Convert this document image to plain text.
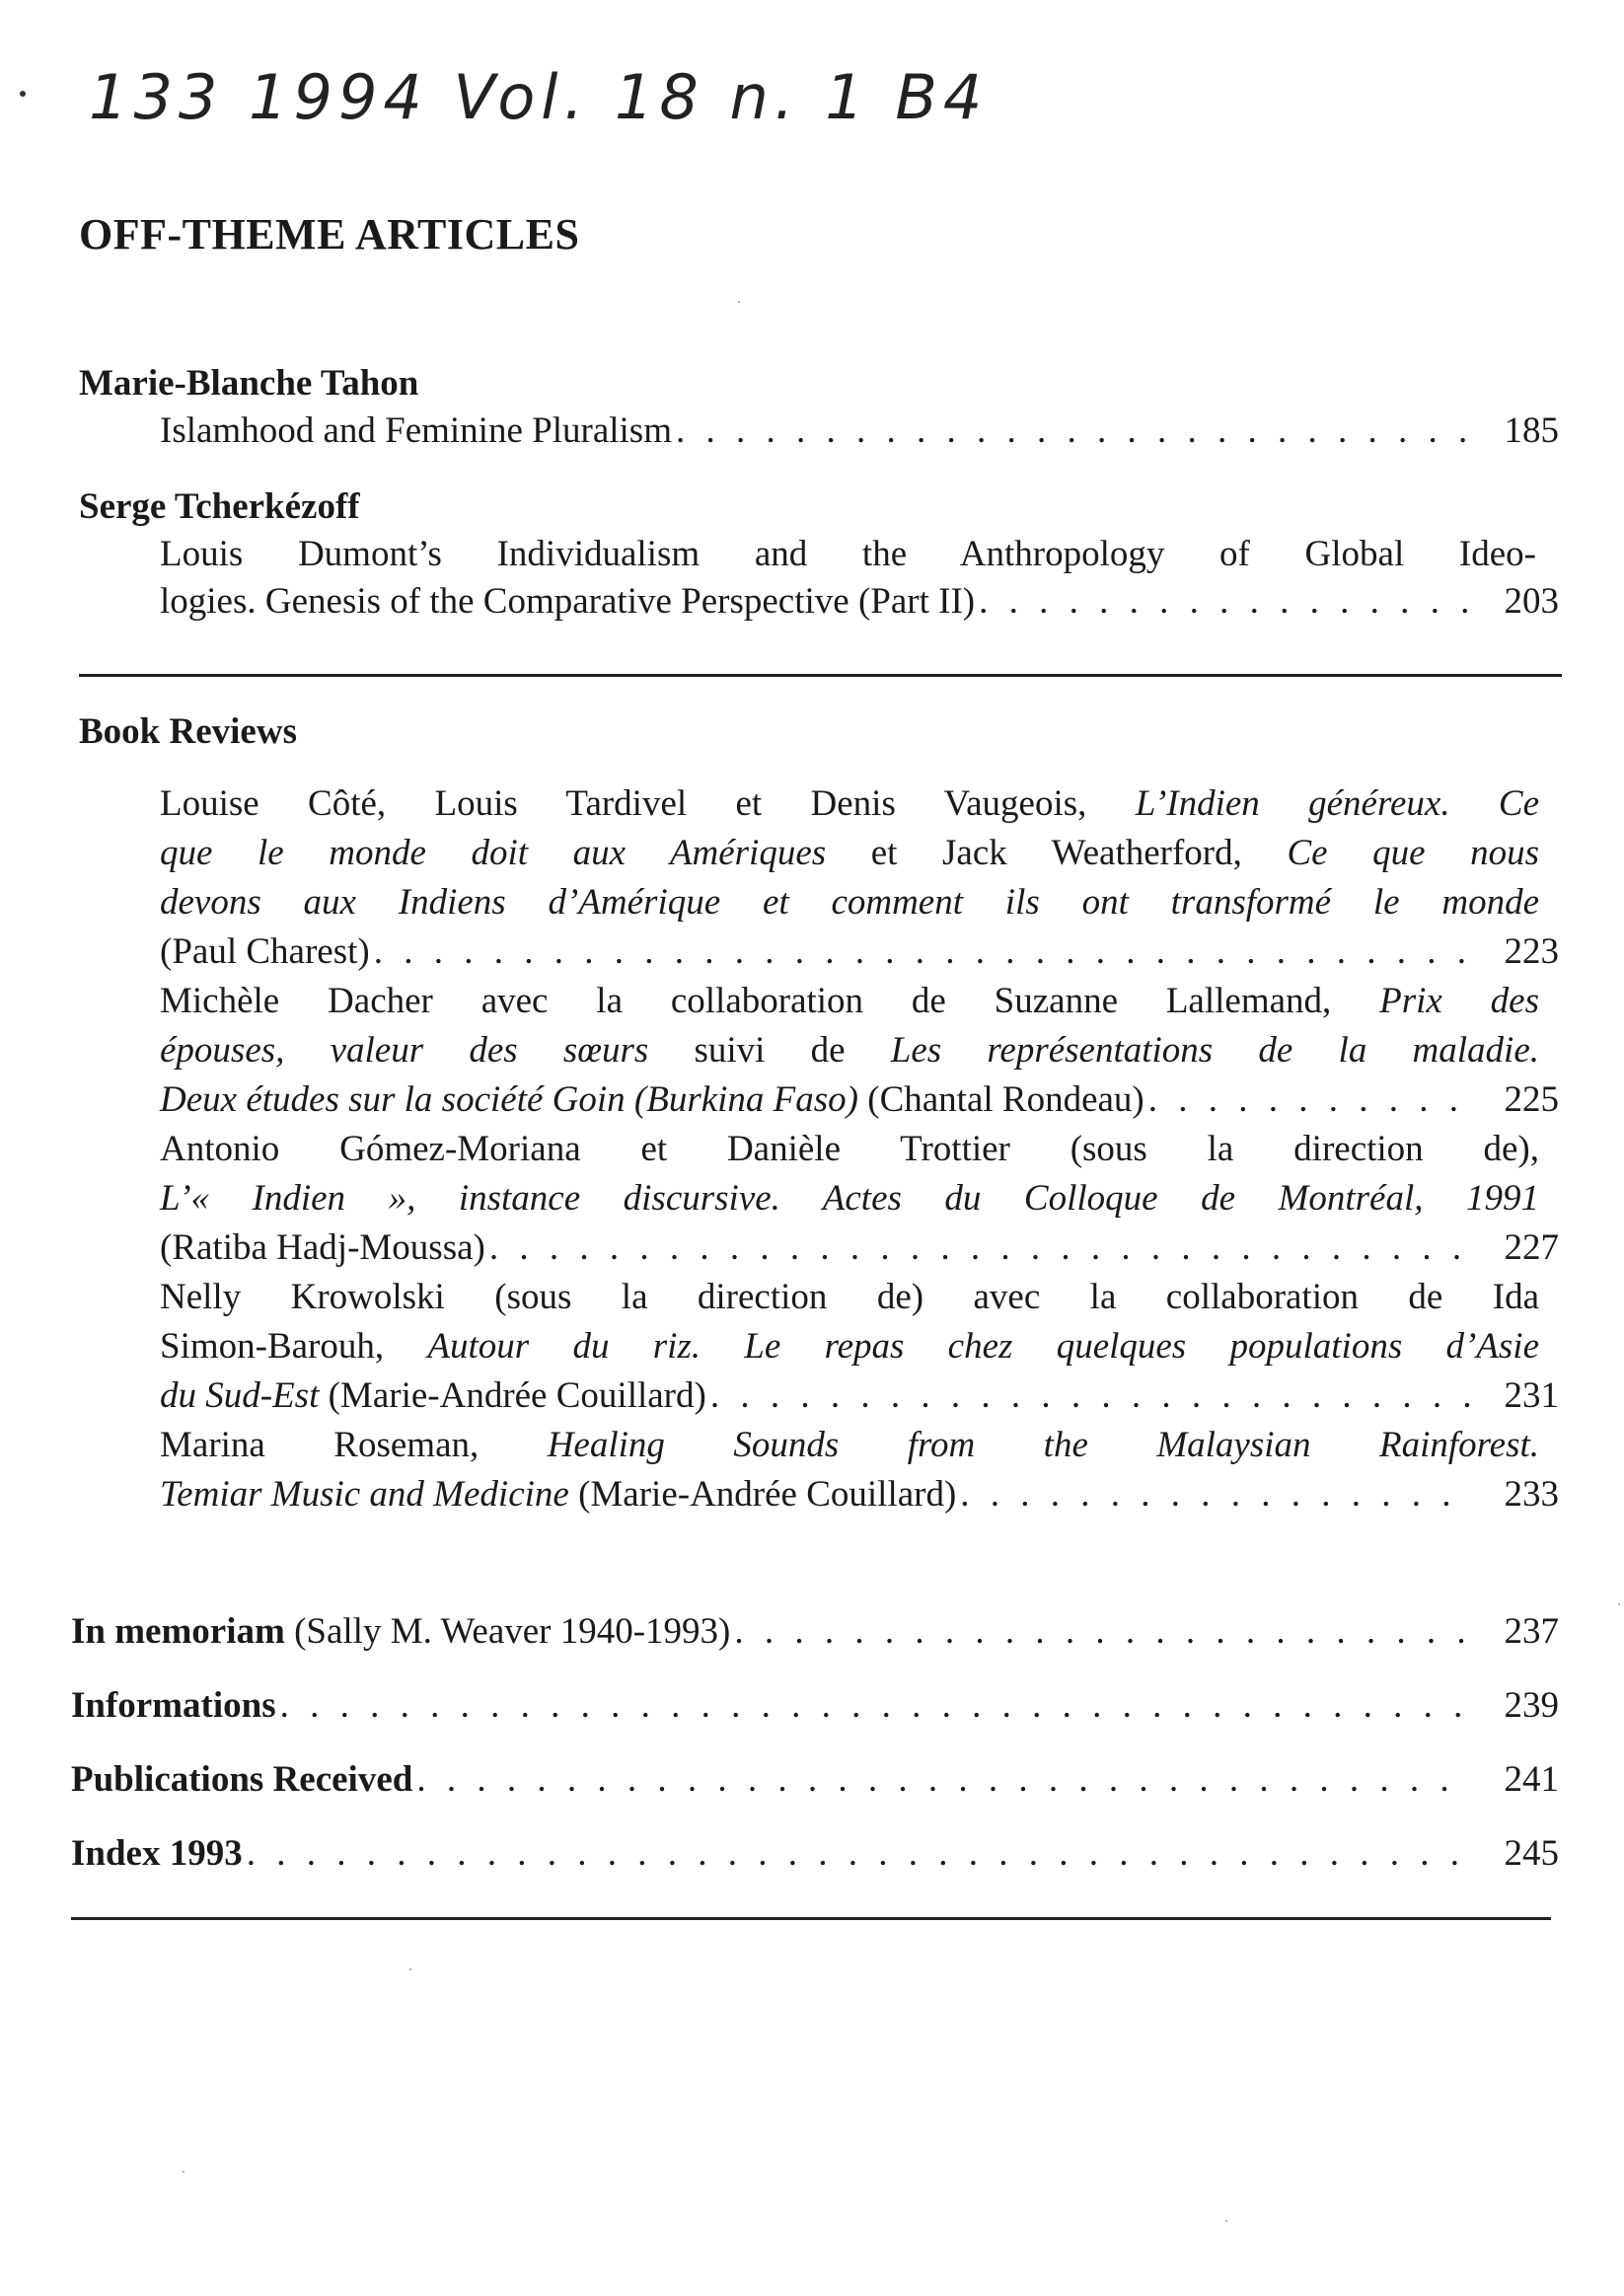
133 1994 Vol. 18 n. 1 B4
OFF-THEME ARTICLES
Marie-Blanche Tahon
Islamhood and Feminine Pluralism . . .	185
Serge Tcherkézoff
Louis Dumont’s Individualism and the Anthropology of Global Ideo-
logies. Genesis of the Comparative Perspective (Part II) . . .	203
Book Reviews
Louise Côté, Louis Tardivel et Denis Vaugeois, L’Indien généreux. Ce
que le monde doit aux Amériques et Jack Weatherford, Ce que nous
devons aux Indiens d’Amérique et comment ils ont transformé le monde
(Paul Charest) . . .	223
Michèle Dacher avec la collaboration de Suzanne Lallemand, Prix des
épouses, valeur des sœurs suivi de Les représentations de la maladie.
Deux études sur la société Goin (Burkina Faso) (Chantal Rondeau) . . .	225
Antonio Gómez-Moriana et Danièle Trottier (sous la direction de),
L’« Indien », instance discursive. Actes du Colloque de Montréal, 1991
(Ratiba Hadj-Moussa) . . .	227
Nelly Krowolski (sous la direction de) avec la collaboration de Ida
Simon-Barouh, Autour du riz. Le repas chez quelques populations d’Asie
du Sud-Est (Marie-Andrée Couillard) . . .	231
Marina Roseman, Healing Sounds from the Malaysian Rainforest.
Temiar Music and Medicine (Marie-Andrée Couillard) . . .	233
In memoriam (Sally M. Weaver 1940-1993) . . .	237
Informations . . .	239
Publications Received . . .	241
Index 1993 . . .	245
